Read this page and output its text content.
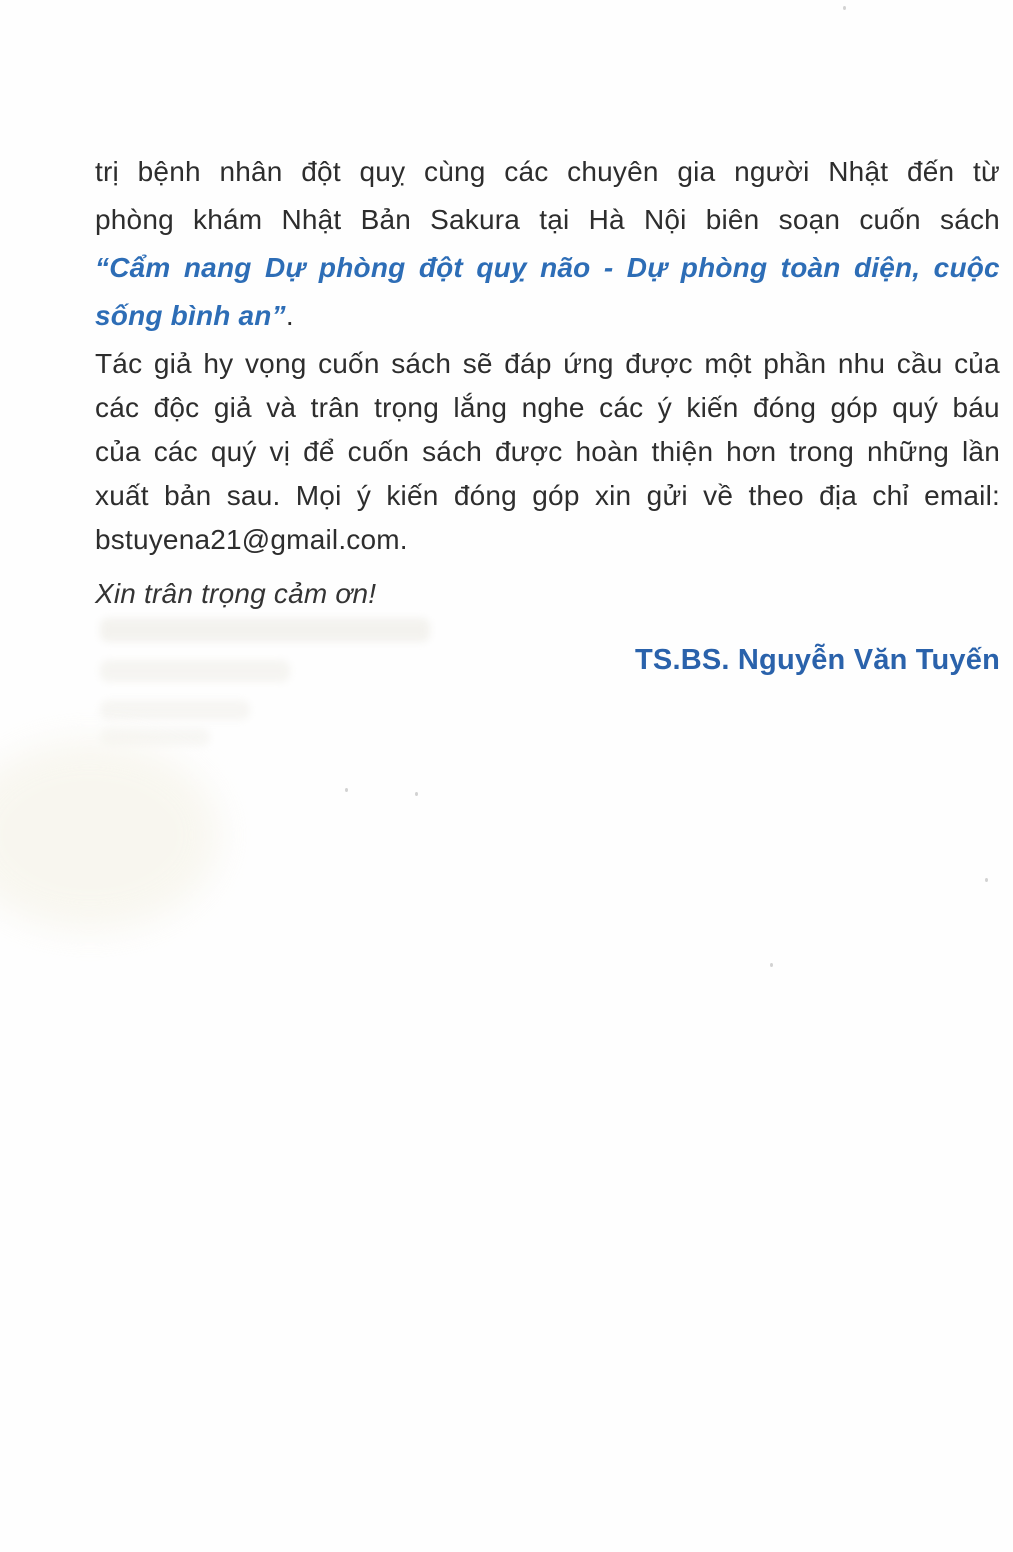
trị bệnh nhân đột quỵ cùng các chuyên gia người Nhật đến từ
phòng khám Nhật Bản Sakura tại Hà Nội biên soạn cuốn sách
“Cẩm nang Dự phòng đột quỵ não - Dự phòng toàn diện, cuộc
sống bình an”.
Tác giả hy vọng cuốn sách sẽ đáp ứng được một phần nhu cầu của
các độc giả và trân trọng lắng nghe các ý kiến đóng góp quý báu
của các quý vị để cuốn sách được hoàn thiện hơn trong những lần
xuất bản sau. Mọi ý kiến đóng góp xin gửi về theo địa chỉ email:
bstuyena21@gmail.com.
Xin trân trọng cảm ơn!
TS.BS. Nguyễn Văn Tuyến
